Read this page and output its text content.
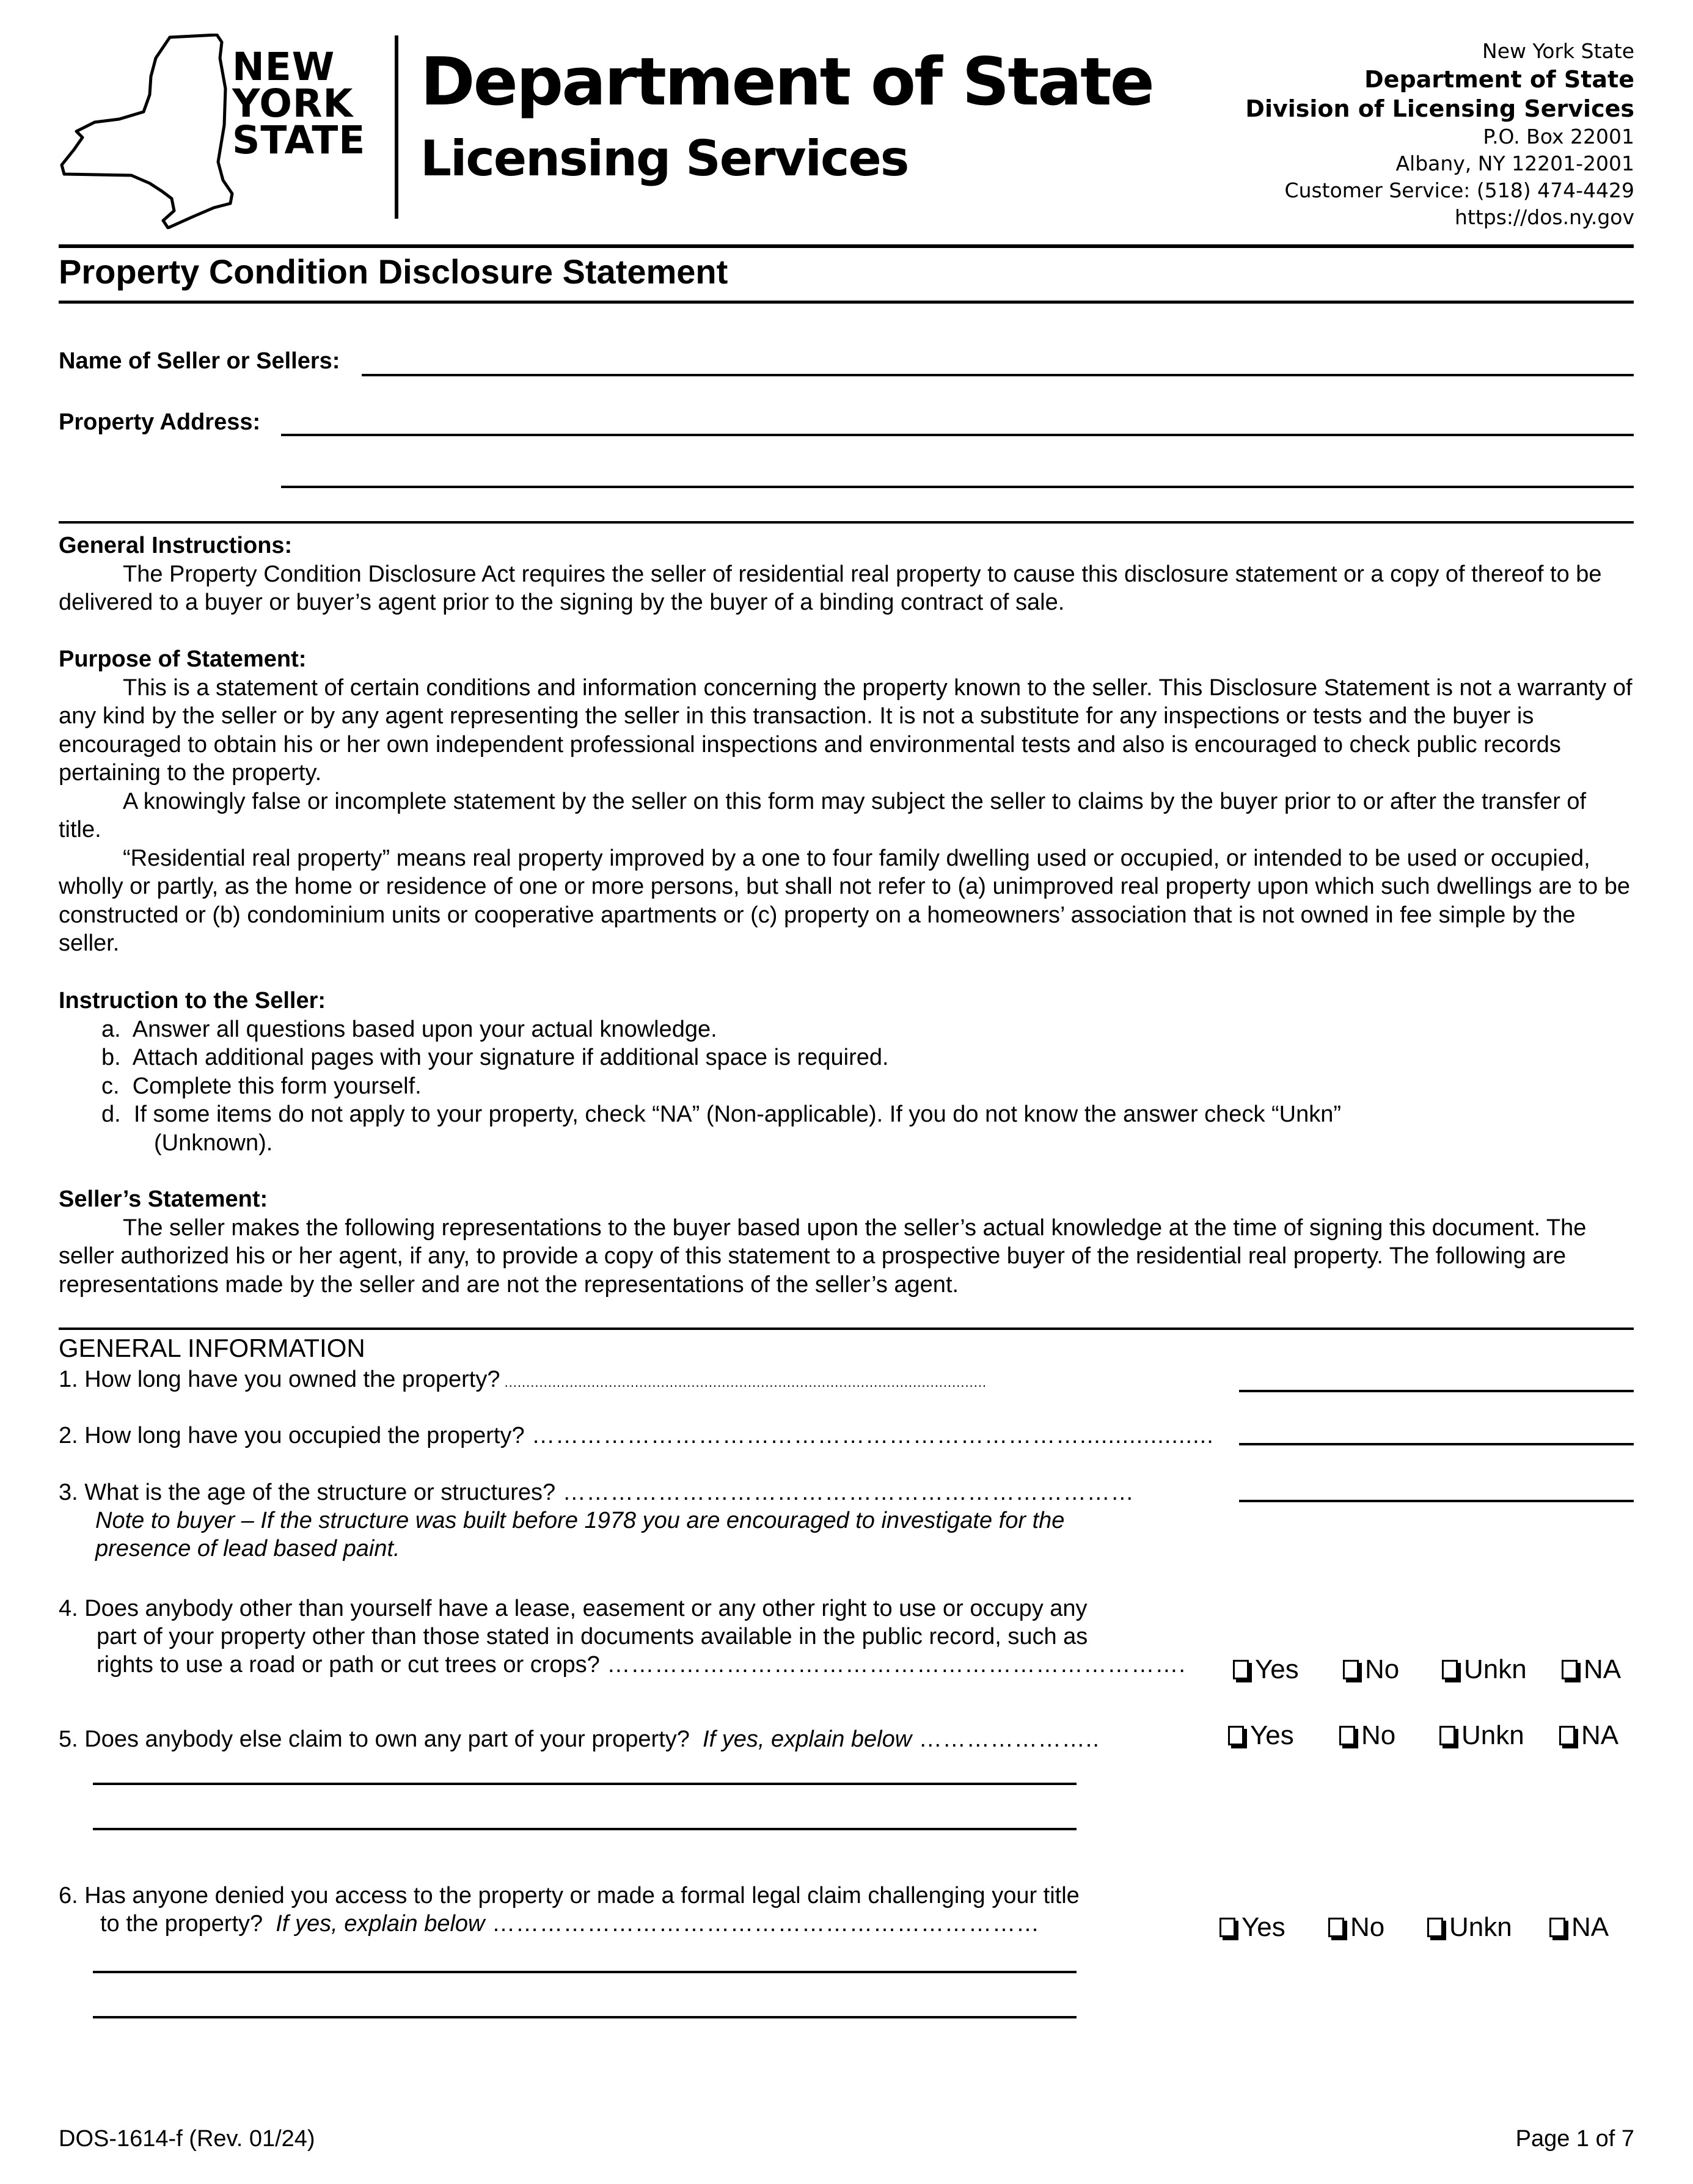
NEW
YORK
STATE
Department of State
Licensing Services
New York State
Department of State
Division of Licensing Services
P.O. Box 22001
Albany, NY 12201-2001
Customer Service: (518) 474-4429
https://dos.ny.gov
Property Condition Disclosure Statement
Name of Seller or Sellers:
Property Address:

General Instructions:

The Property Condition Disclosure Act requires the seller of residential real property to cause this disclosure statement or a copy of thereof to be delivered to a buyer or buyer’s agent prior to the signing by the buyer of a binding contract of sale.

Purpose of Statement:

This is a statement of certain conditions and information concerning the property known to the seller. This Disclosure Statement is not a warranty of any kind by the seller or by any agent representing the seller in this transaction. It is not a substitute for any inspections or tests and the buyer is encouraged to obtain his or her own independent professional inspections and environmental tests and also is encouraged to check public records pertaining to the property.

A knowingly false or incomplete statement by the seller on this form may subject the seller to claims by the buyer prior to or after the transfer of title.

“Residential real property” means real property improved by a one to four family dwelling used or occupied, or intended to be used or occupied, wholly or partly, as the home or residence of one or more persons, but shall not refer to (a) unimproved real property upon which such dwellings are to be constructed or (b) condominium units or cooperative apartments or (c) property on a homeowners’ association that is not owned in fee simple by the seller.

Instruction to the Seller:

a. Answer all questions based upon your actual knowledge.

b. Attach additional pages with your signature if additional space is required.

c. Complete this form yourself.

d. If some items do not apply to your property, check “NA” (Non-applicable). If you do not know the answer check “Unkn”

(Unknown).

Seller’s Statement:

The seller makes the following representations to the buyer based upon the seller’s actual knowledge at the time of signing this document. The seller authorized his or her agent, if any, to provide a copy of this statement to a prospective buyer of the residential real property. The following are representations made by the seller and are not the representations of the seller’s agent.

GENERAL INFORMATION
1. How long have you owned the property? ...............................................................................................................
2. How long have you occupied the property? ……………………………………………………………...................
3. What is the age of the structure or structures? ………………………………………………………………
Note to buyer – If the structure was built before 1978 you are encouraged to investigate for the
presence of lead based paint.
4. Does anybody other than yourself have a lease, easement or any other right to use or occupy any
part of your property other than those stated in documents available in the public record, such as
rights to use a road or path or cut trees or crops? ……………………………………………………………….	Yes	No	Unkn	NA
5. Does anybody else claim to own any part of your property? If yes, explain below …………………..	Yes	No	Unkn	NA
6. Has anyone denied you access to the property or made a formal legal claim challenging your title
to the property? If yes, explain below ……………………………………………………………	Yes	No	Unkn	NA
DOS-1614-f (Rev. 01/24)	Page 1 of 7
